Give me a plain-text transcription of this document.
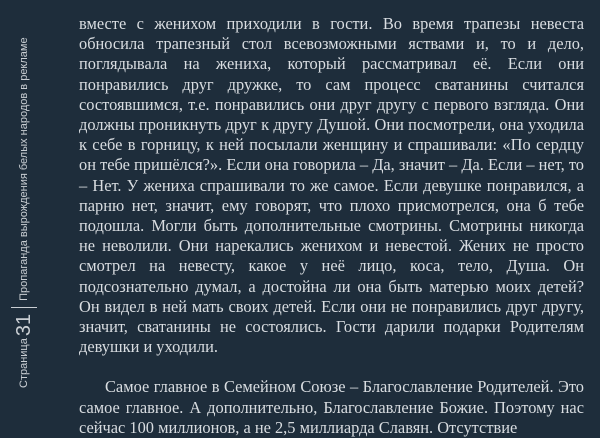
Страница
31
Пропаганда вырождения белых народов в рекламе

вместе с женихом приходили в гости. Во время трапезы невеста обносила трапезный стол всевозможными яствами и, то и дело, поглядывала на жениха, который рассматривал её. Если они понравились друг дружке, то сам процесс сватанины считался состоявшимся, т.е. понравились они друг другу с первого взгляда. Они должны проникнуть друг к другу Душой. Они посмотрели, она уходила к себе в горницу, к ней посылали женщину и спрашивали: «По сердцу он тебе пришёлся?». Если она говорила – Да, значит – Да. Если – нет, то – Нет. У жениха спрашивали то же самое. Если девушке понравился, а парню нет, значит, ему говорят, что плохо присмотрелся, она б тебе подошла. Могли быть дополнительные смотрины. Смотрины никогда не неволили. Они нарекались женихом и невестой. Жених не просто смотрел на невесту, какое у неё лицо, коса, тело, Душа. Он подсознательно думал, а достойна ли она быть матерью моих детей? Он видел в ней мать своих детей. Если они не понравились друг другу, значит, сватанины не состоялись. Гости дарили подарки Родителям девушки и уходили.

Самое главное в Семейном Союзе – Благославление Родителей. Это самое главное. А дополнительно, Благославление Божие. Поэтому нас сейчас 100 миллионов, а не 2,5 миллиарда Славян. Отсутствие
